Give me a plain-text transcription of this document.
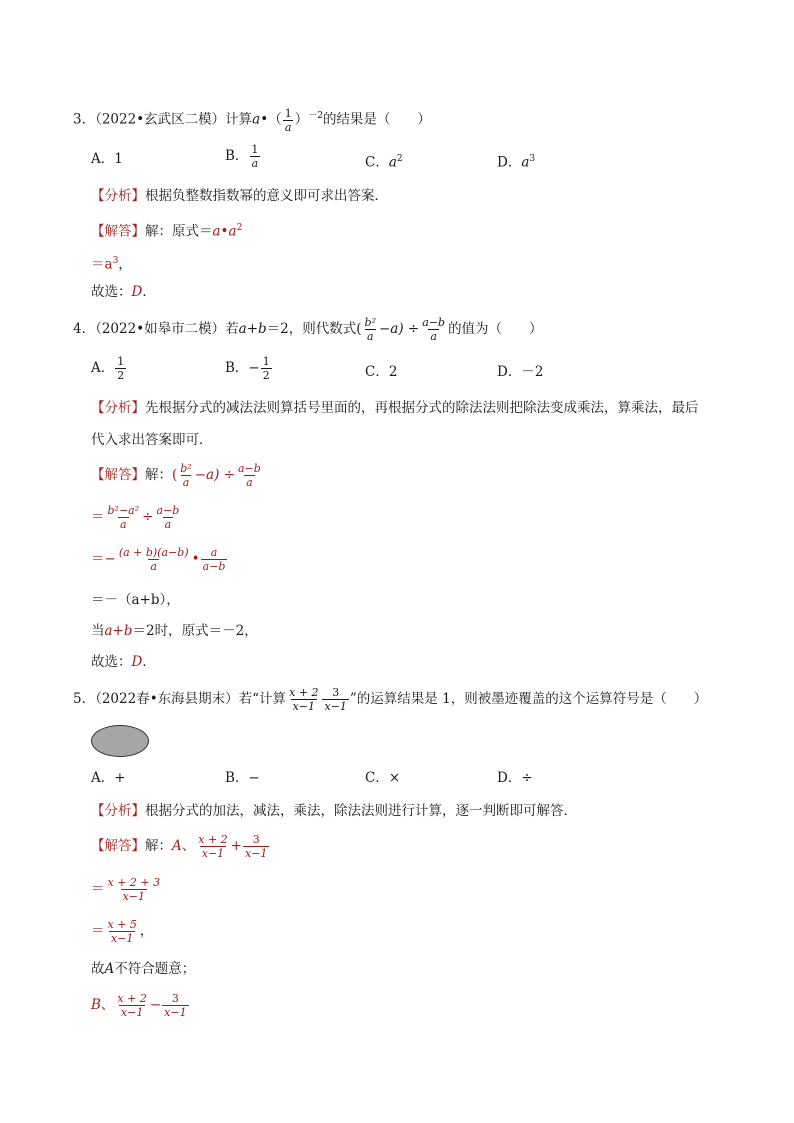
3．（2022•玄武区二模）计算a•（ $\frac{1}{a} )^{-2}$的结果是（　　）
A．1	B． $\frac{1}{a}$	C．$a^2$	D．$a^3$
【分析】根据负整数指数幂的意义即可求出答案．
【解答】解：原式$=a•a^2$
$=a^3$，
故选：D．
4．（2022•如皋市二模）若a+b＝2，则代数式( $\frac{\text{b²}}{a} -a) \div \frac{a-b}{a}$ 的值为（　　）
A． $\frac{1}{2}$	B．− $\frac{1}{2}$	C．2	D．－2
【分析】先根据分式的减法法则算括号里面的，再根据分式的除法法则把除法变成乘法，算乘法，最后
代入求出答案即可．
【解答】解：( $\frac{\text{b²}}{a} -a) \div \frac{a-b}{a}$
＝ $\frac{\text{b²−a²}}{a} \div \frac{a-b}{a}$
＝− $\frac{(a + b)(a-b)}{a}$ • $\frac{a}{a-b}$
＝－（a+b），
当a+b＝2时，原式＝－2，
故选：D．
5．（2022春•东海县期末）若“计算 $\frac{x + 2}{x-1} \frac{3}{x-1}$ ”的运算结果是 1，则被墨迹覆盖的这个运算符号是（　　）
A．+	B．−	C．×	D．÷
【分析】根据分式的加法，减法，乘法，除法法则进行计算，逐一判断即可解答．
【解答】解：A、 $\frac{x + 2}{x-1} + \frac{3}{x-1}$
＝ $\frac{x + 2 + 3}{x-1}$
＝ $\frac{x + 5}{x-1}$ ，
故A不符合题意；
B、 $\frac{x + 2}{x-1} - \frac{3}{x-1}$
